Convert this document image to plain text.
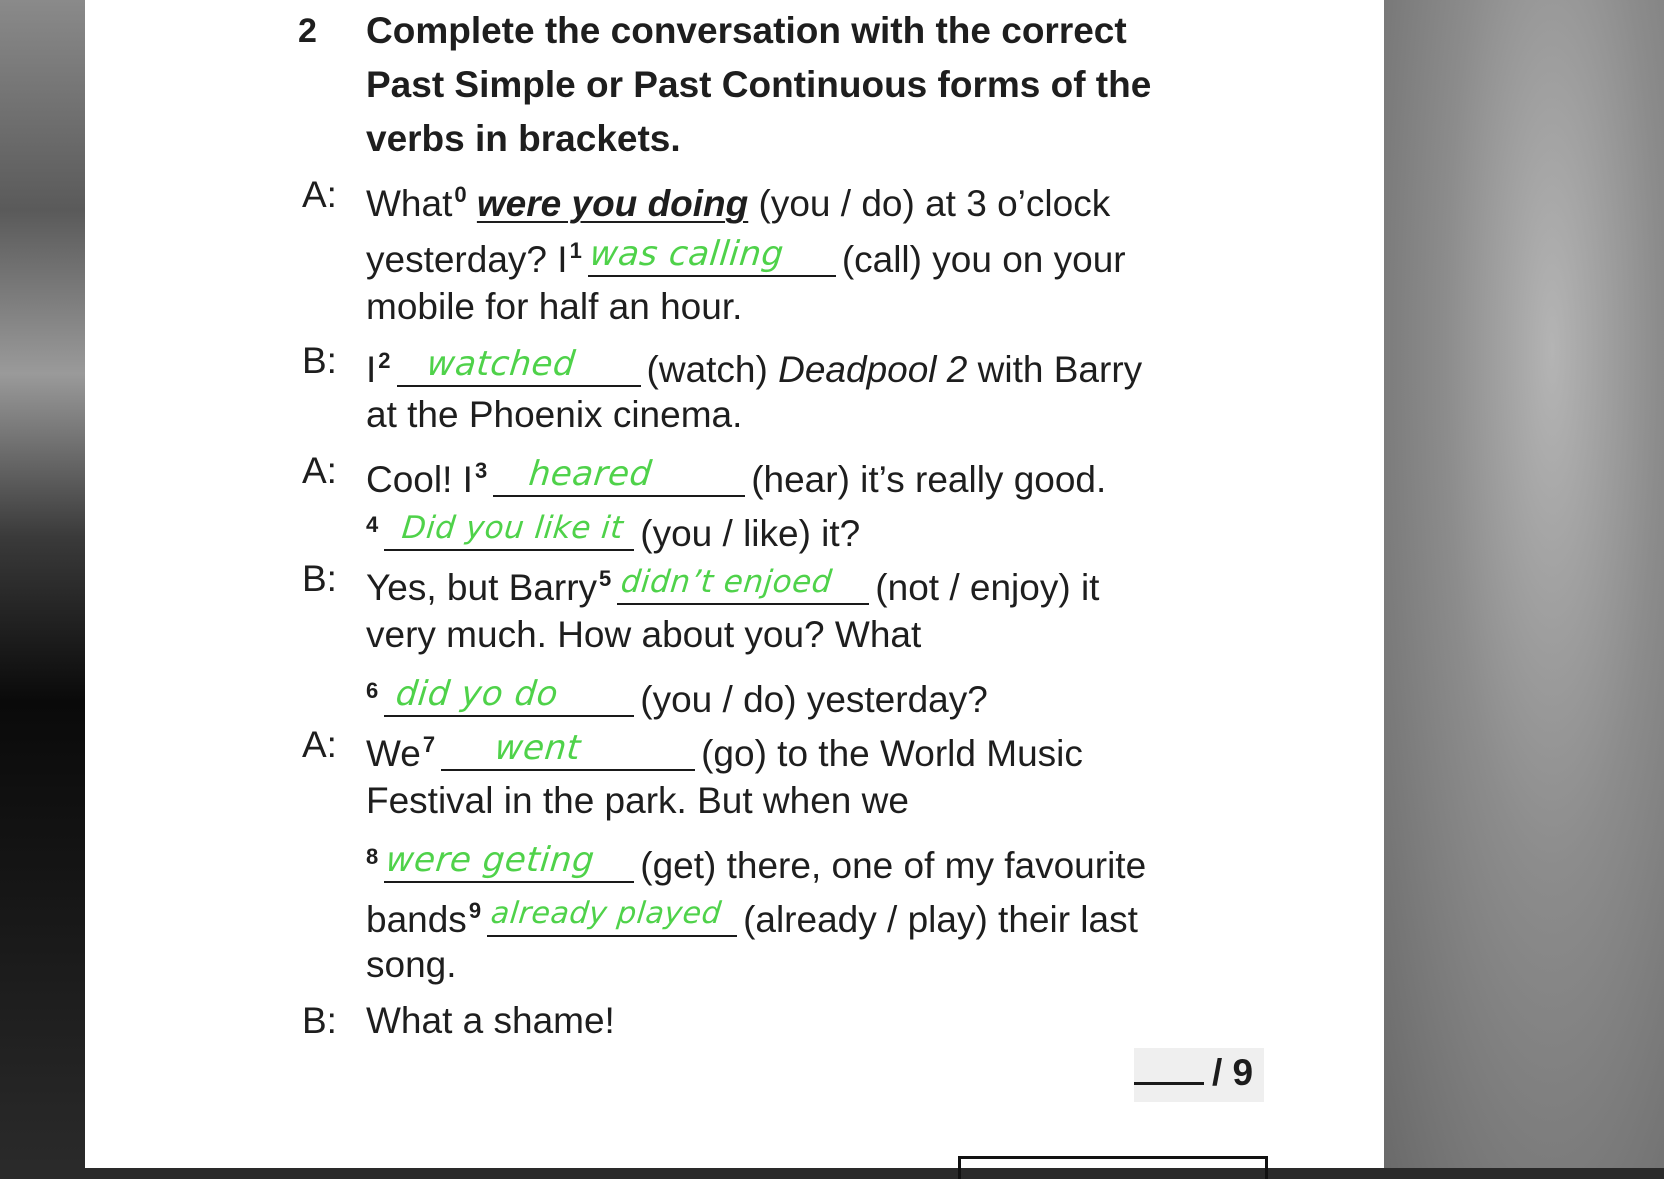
2 Complete the conversation with the correct
Past Simple or Past Continuous forms of the
verbs in brackets.
A: What$^0$ were you doing (you / do) at 3 o’clock
yesterday? $I^1$ was calling (call) you on your
mobile for half an hour.
B: $I^2$ watched (watch) Deadpool 2 with Barry
at the Phoenix cinema.
A: Cool! $I^3$ heared	(hear) it’s really good.
$^4$ Did you like it (you / like) it?
B: Yes, but Barry$^5$ didn’t enjoed (not / enjoy) it
very much. How about you? What
$^6$ did yo do (you / do) yesterday?
A: We$^7$ went	(go) to the World Music
Festival in the park. But when we
$^8$ were geting (get) there, one of my favourite
bands$^9$ already played (already / play) their last
song.
B: What a shame!
/ 9
